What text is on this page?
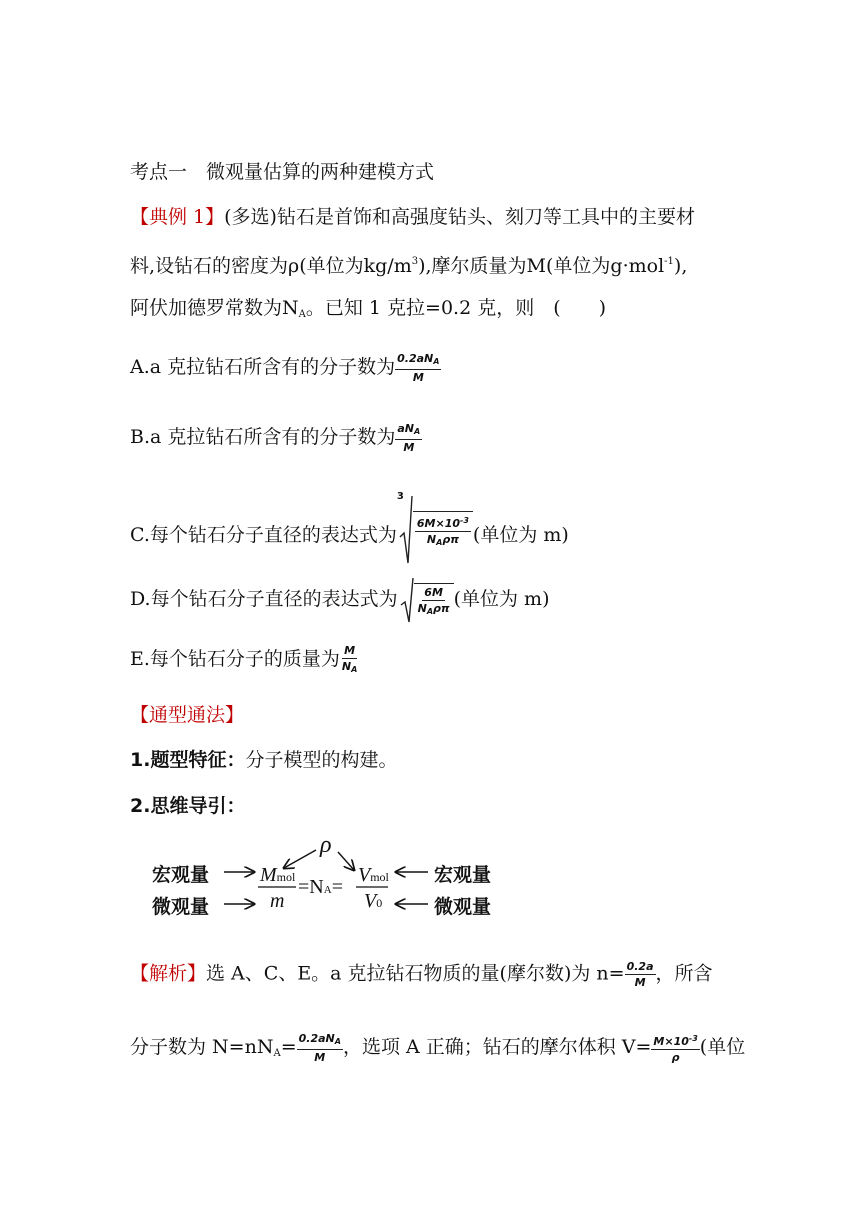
考点一　微观量估算的两种建模方式
【典例 1】(多选)钻石是首饰和高强度钻头、刻刀等工具中的主要材
料,设钻石的密度为ρ(单位为$kg/m^3$),摩尔质量为M(单位为g·mol$^{-1}$),
阿伏加德罗常数为$N_A$。已知 1 克拉=0.2 克，则　(　　)
A.a 克拉钻石所含有的分子数为 $\frac{\text{0.2aNA}}{M}$
B.a 克拉钻石所含有的分子数为 $\frac{\text{aNA}}{M}$
C.每个钻石分子直径的表达式为
3
$\frac{6M\times 10^{-3}}{\text{NAρπ}}$ (单位为 m)
D.每个钻石分子直径的表达式为 $\frac{6M}{\text{NAρπ}}$ (单位为 m)
E.每个钻石分子的质量为 $\frac{M}{NA}$
【通型通法】
1.题型特征：分子模型的构建。
2.思维导引：
宏观量
微观量
宏观量
微观量
ρ
Mmol
m
=NA=
Vmol
V0
【解析】选 A、C、E。a 克拉钻石物质的量(摩尔数)为 $n= \frac{0.2a}{M}$ ，所含
分子数为 $N=nN_A= \frac{\text{0.2aNA}}{M}$ ，选项 A 正确；钻石的摩尔体积 $V= \frac{M\times 10^{-3}}{\rho}$ (单位
